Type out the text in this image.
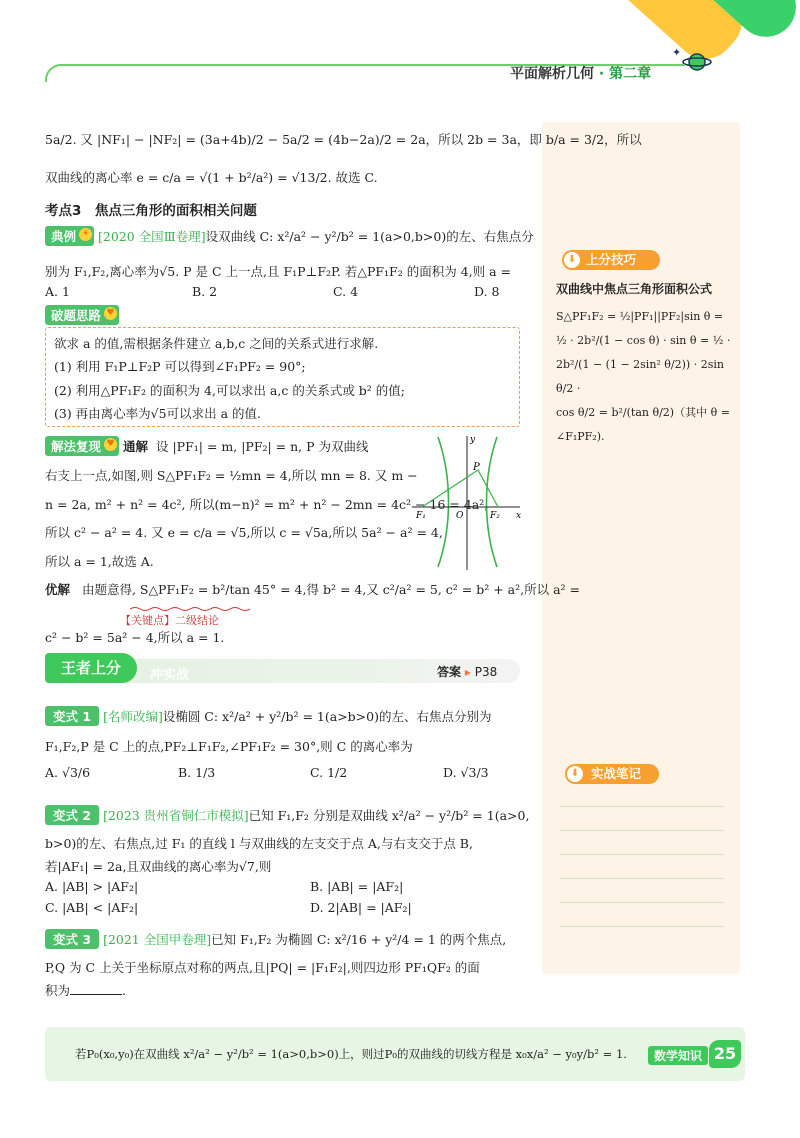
✦
平面解析几何 · 第二章
⬇ 上分技巧
双曲线中焦点三角形面积公式
S△PF₁F₂ = ½|PF₁||PF₂|sin θ =
½ · 2b²/(1 − cos θ) · sin θ = ½ ·
2b²/(1 − (1 − 2sin² θ/2)) · 2sin θ/2 ·
cos θ/2 = b²/(tan θ/2)（其中 θ =
∠F₁PF₂).
⬇ 实战笔记
5a/2. 又 |NF₁| − |NF₂| = (3a+4b)/2 − 5a/2 = (4b−2a)/2 = 2a，所以 2b = 3a，即 b/a = 3/2，所以
双曲线的离心率 e = c/a = √(1 + b²/a²) = √13/2. 故选 C.
考点3　焦点三角形的面积相关问题
典例 ☀ [2020 全国Ⅲ卷理]设双曲线 C: x²/a² − y²/b² = 1(a>0,b>0)的左、右焦点分
别为 F₁,F₂,离心率为√5. P 是 C 上一点,且 F₁P⊥F₂P. 若△PF₁F₂ 的面积为 4,则 a =
A. 1	B. 2	C. 4	D. 8
破题思路 ♥
欲求 a 的值,需根据条件建立 a,b,c 之间的关系式进行求解.
(1) 利用 F₁P⊥F₂P 可以得到∠F₁PF₂ = 90°;
(2) 利用△PF₁F₂ 的面积为 4,可以求出 a,c 的关系式或 b² 的值;
(3) 再由离心率为√5可以求出 a 的值.
解法复现 ♥ 通解 设 |PF₁| = m, |PF₂| = n, P 为双曲线
右支上一点,如图,则 S△PF₁F₂ = ½mn = 4,所以 mn = 8. 又 m −
n = 2a, m² + n² = 4c², 所以(m−n)² = m² + n² − 2mn = 4c² − 16 = 4a²,
所以 c² − a² = 4. 又 e = c/a = √5,所以 c = √5a,所以 5a² − a² = 4,
所以 a = 1,故选 A.
y
x
P
F₁	O	F₂
优解 由题意得, S△PF₁F₂ = b²/tan 45° = 4,得 b² = 4,又 c²/a² = 5, c² = b² + a²,所以 a² =
【关键点】二级结论
c² − b² = 5a² − 4,所以 a = 1.
王者上分	冲实战	答案 ▸ P38
变式 1 [名师改编]设椭圆 C: x²/a² + y²/b² = 1(a>b>0)的左、右焦点分别为
F₁,F₂,P 是 C 上的点,PF₂⊥F₁F₂,∠PF₁F₂ = 30°,则 C 的离心率为
A. √3/6	B. 1/3	C. 1/2	D. √3/3
变式 2 [2023 贵州省铜仁市模拟]已知 F₁,F₂ 分别是双曲线 x²/a² − y²/b² = 1(a>0,
b>0)的左、右焦点,过 F₁ 的直线 l 与双曲线的左支交于点 A,与右支交于点 B,
若|AF₁| = 2a,且双曲线的离心率为√7,则
A. |AB| > |AF₂|	B. |AB| = |AF₂|
C. |AB| < |AF₂|	D. 2|AB| = |AF₂|
变式 3 [2021 全国甲卷理]已知 F₁,F₂ 为椭圆 C: x²/16 + y²/4 = 1 的两个焦点,
P,Q 为 C 上关于坐标原点对称的两点,且|PQ| = |F₁F₂|,则四边形 PF₁QF₂ 的面
积为	.
若P₀(x₀,y₀)在双曲线 x²/a² − y²/b² = 1(a>0,b>0)上，则过P₀的双曲线的切线方程是 x₀x/a² − y₀y/b² = 1.	数学知识 25
